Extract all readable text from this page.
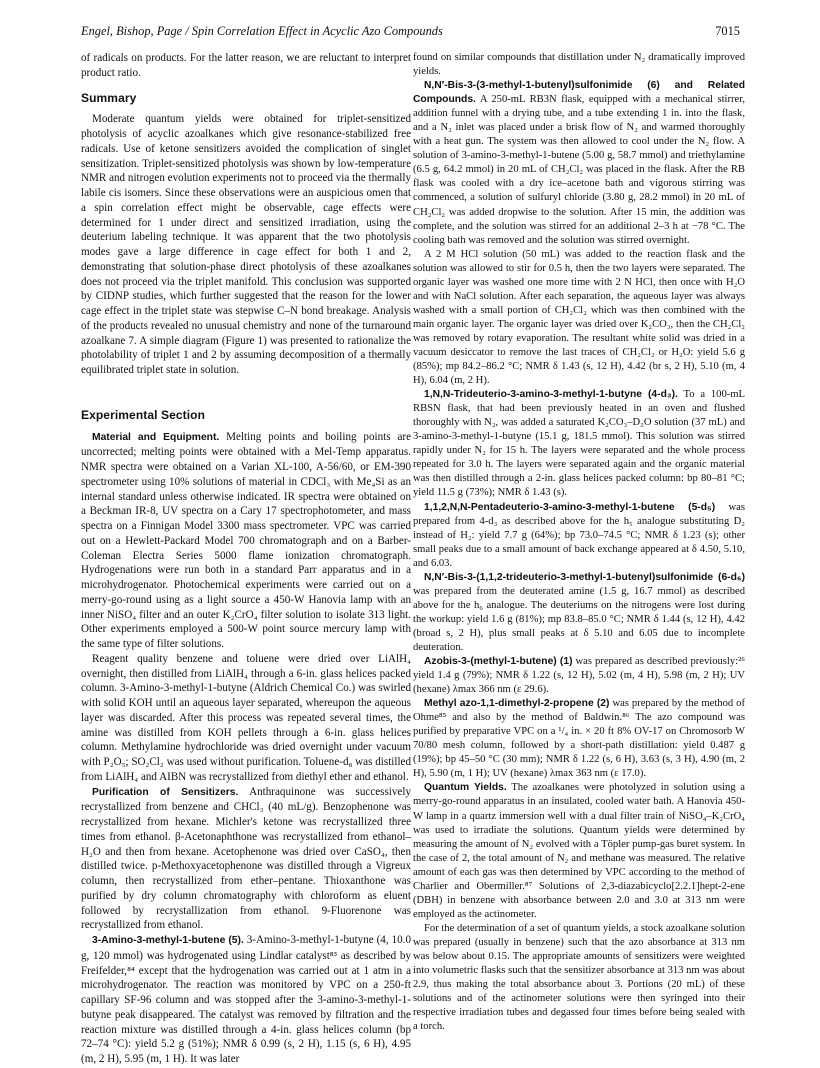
Engel, Bishop, Page / Spin Correlation Effect in Acyclic Azo Compounds	7015

of radicals on products. For the latter reason, we are reluctant to interpret product ratio.

Summary

Moderate quantum yields were obtained for triplet-sensitized photolysis of acyclic azoalkanes which give resonance-stabilized free radicals. Use of ketone sensitizers avoided the complication of singlet sensitization. Triplet-sensitized photolysis was shown by low-temperature NMR and nitrogen evolution experiments not to proceed via the thermally labile cis isomers. Since these observations were an auspicious omen that a spin correlation effect might be observable, cage effects were determined for 1 under direct and sensitized irradiation, using the deuterium labeling technique. It was apparent that the two photolysis modes gave a large difference in cage effect for both 1 and 2, demonstrating that solution-phase direct photolysis of these azoalkanes does not proceed via the triplet manifold. This conclusion was supported by CIDNP studies, which further suggested that the reason for the lower cage effect in the triplet state was stepwise C–N bond breakage. Analysis of the products revealed no unusual chemistry and none of the turnaround azoalkane 7. A simple diagram (Figure 1) was presented to rationalize the photolability of triplet 1 and 2 by assuming decomposition of a thermally equilibrated triplet state in solution.

Experimental Section

Material and Equipment. Melting points and boiling points are uncorrected; melting points were obtained with a Mel-Temp apparatus. NMR spectra were obtained on a Varian XL-100, A-56/60, or EM-390 spectrometer using 10% solutions of material in CDCl₃ with Me₄Si as an internal standard unless otherwise indicated. IR spectra were obtained on a Beckman IR-8, UV spectra on a Cary 17 spectrophotometer, and mass spectra on a Finnigan Model 3300 mass spectrometer. VPC was carried out on a Hewlett-Packard Model 700 chromatograph and on a Barber-Coleman Electra Series 5000 flame ionization chromatograph. Hydrogenations were run both in a standard Parr apparatus and in a microhydrogenator. Photochemical experiments were carried out on a merry-go-round using as a light source a 450-W Hanovia lamp with an inner NiSO₄ filter and an outer K₂CrO₄ filter solution to isolate 313 light. Other experiments employed a 500-W point source mercury lamp with the same type of filter solutions.

Reagent quality benzene and toluene were dried over LiAlH₄ overnight, then distilled from LiAlH₄ through a 6-in. glass helices packed column. 3-Amino-3-methyl-1-butyne (Aldrich Chemical Co.) was swirled with solid KOH until an aqueous layer separated, whereupon the aqueous layer was discarded. After this process was repeated several times, the amine was distilled from KOH pellets through a 6-in. glass helices column. Methylamine hydrochloride was dried overnight under vacuum with P₂O₅; SO₂Cl₂ was used without purification. Toluene-d₈ was distilled from LiAlH₄ and AIBN was recrystallized from diethyl ether and ethanol.

Purification of Sensitizers. Anthraquinone was successively recrystallized from benzene and CHCl₃ (40 mL/g). Benzophenone was recrystallized from hexane. Michler's ketone was recrystallized three times from ethanol. β-Acetonaphthone was recrystallized from ethanol–H₂O and then from hexane. Acetophenone was dried over CaSO₄, then distilled twice. p-Methoxyacetophenone was distilled through a Vigreux column, then recrystallized from ether–pentane. Thioxanthone was purified by dry column chromatography with chloroform as eluent followed by recrystallization from ethanol. 9-Fluorenone was recrystallized from ethanol.

3-Amino-3-methyl-1-butene (5). 3-Amino-3-methyl-1-butyne (4, 10.0 g, 120 mmol) was hydrogenated using Lindlar catalyst⁸³ as described by Freifelder,⁸⁴ except that the hydrogenation was carried out at 1 atm in a microhydrogenator. The reaction was monitored by VPC on a 250-ft capillary SF-96 column and was stopped after the 3-amino-3-methyl-1-butyne peak disappeared. The catalyst was removed by filtration and the reaction mixture was distilled through a 4-in. glass helices column (bp 72–74 °C): yield 5.2 g (51%); NMR δ 0.99 (s, 2 H), 1.15 (s, 6 H), 4.95 (m, 2 H), 5.95 (m, 1 H). It was later

found on similar compounds that distillation under N₂ dramatically improved yields.

N,N′-Bis-3-(3-methyl-1-butenyl)sulfonimide (6) and Related Compounds. A 250-mL RB3N flask, equipped with a mechanical stirrer, addition funnel with a drying tube, and a tube extending 1 in. into the flask, and a N₂ inlet was placed under a brisk flow of N₂ and warmed thoroughly with a heat gun. The system was then allowed to cool under the N₂ flow. A solution of 3-amino-3-methyl-1-butene (5.00 g, 58.7 mmol) and triethylamine (6.5 g, 64.2 mmol) in 20 mL of CH₂Cl₂ was placed in the flask. After the RB flask was cooled with a dry ice–acetone bath and vigorous stirring was commenced, a solution of sulfuryl chloride (3.80 g, 28.2 mmol) in 20 mL of CH₂Cl₂ was added dropwise to the solution. After 15 min, the addition was complete, and the solution was stirred for an additional 2–3 h at −78 °C. The cooling bath was removed and the solution was stirred overnight.

A 2 M HCl solution (50 mL) was added to the reaction flask and the solution was allowed to stir for 0.5 h, then the two layers were separated. The organic layer was washed one more time with 2 N HCl, then once with H₂O and with NaCl solution. After each separation, the aqueous layer was always washed with a small portion of CH₂Cl₂ which was then combined with the main organic layer. The organic layer was dried over K₂CO₃, then the CH₂Cl₂ was removed by rotary evaporation. The resultant white solid was dried in a vacuum desiccator to remove the last traces of CH₂Cl₂ or H₂O: yield 5.6 g (85%); mp 84.2–86.2 °C; NMR δ 1.43 (s, 12 H), 4.42 (br s, 2 H), 5.10 (m, 4 H), 6.04 (m, 2 H).

1,N,N-Trideuterio-3-amino-3-methyl-1-butyne (4-d₃). To a 100-mL RBSN flask, that had been previously heated in an oven and flushed thoroughly with N₂, was added a saturated K₂CO₃–D₂O solution (37 mL) and 3-amino-3-methyl-1-butyne (15.1 g, 181.5 mmol). This solution was stirred rapidly under N₂ for 15 h. The layers were separated and the whole process repeated for 3.0 h. The layers were separated again and the organic material was then distilled through a 2-in. glass helices packed column: bp 80–81 °C; yield 11.5 g (73%); NMR δ 1.43 (s).

1,1,2,N,N-Pentadeuterio-3-amino-3-methyl-1-butene (5-d₅) was prepared from 4-d₃ as described above for the h₅ analogue substituting D₂ instead of H₂: yield 7.7 g (64%); bp 73.0–74.5 °C; NMR δ 1.23 (s); other small peaks due to a small amount of back exchange appeared at δ 4.50, 5.10, and 6.03.

N,N′-Bis-3-(1,1,2-trideuterio-3-methyl-1-butenyl)sulfonimide (6-d₆) was prepared from the deuterated amine (1.5 g, 16.7 mmol) as described above for the h₆ analogue. The deuteriums on the nitrogens were lost during the workup: yield 1.6 g (81%); mp 83.8–85.0 °C; NMR δ 1.44 (s, 12 H), 4.42 (broad s, 2 H), plus small peaks at δ 5.10 and 6.05 due to incomplete deuteration.

Azobis-3-(methyl-1-butene) (1) was prepared as described previously:²⁶ yield 1.4 g (79%); NMR δ 1.22 (s, 12 H), 5.02 (m, 4 H), 5.98 (m, 2 H); UV (hexane) λmax 366 nm (ε 29.6).

Methyl azo-1,1-dimethyl-2-propene (2) was prepared by the method of Ohme⁸⁵ and also by the method of Baldwin.⁸⁶ The azo compound was purified by preparative VPC on a ¹/₄ in. × 20 ft 8% OV-17 on Chromosorb W 70/80 mesh column, followed by a short-path distillation: yield 0.487 g (19%); bp 45–50 °C (30 mm); NMR δ 1.22 (s, 6 H), 3.63 (s, 3 H), 4.90 (m, 2 H), 5.90 (m, 1 H); UV (hexane) λmax 363 nm (ε 17.0).

Quantum Yields. The azoalkanes were photolyzed in solution using a merry-go-round apparatus in an insulated, cooled water bath. A Hanovia 450-W lamp in a quartz immersion well with a dual filter train of NiSO₄–K₂CrO₄ was used to irradiate the solutions. Quantum yields were determined by measuring the amount of N₂ evolved with a Töpler pump-gas buret system. In the case of 2, the total amount of N₂ and methane was measured. The relative amount of each gas was then determined by VPC according to the method of Charlier and Obermiller.⁸⁷ Solutions of 2,3-diazabicyclo[2.2.1]hept-2-ene (DBH) in benzene with absorbance between 2.0 and 3.0 at 313 nm were employed as the actinometer.

For the determination of a set of quantum yields, a stock azoalkane solution was prepared (usually in benzene) such that the azo absorbance at 313 nm was below about 0.15. The appropriate amounts of sensitizers were weighted into volumetric flasks such that the sensitizer absorbance at 313 nm was about 2.9, thus making the total absorbance about 3. Portions (20 mL) of these solutions and of the actinometer solutions were then syringed into their respective irradiation tubes and degassed four times before being sealed with a torch.
